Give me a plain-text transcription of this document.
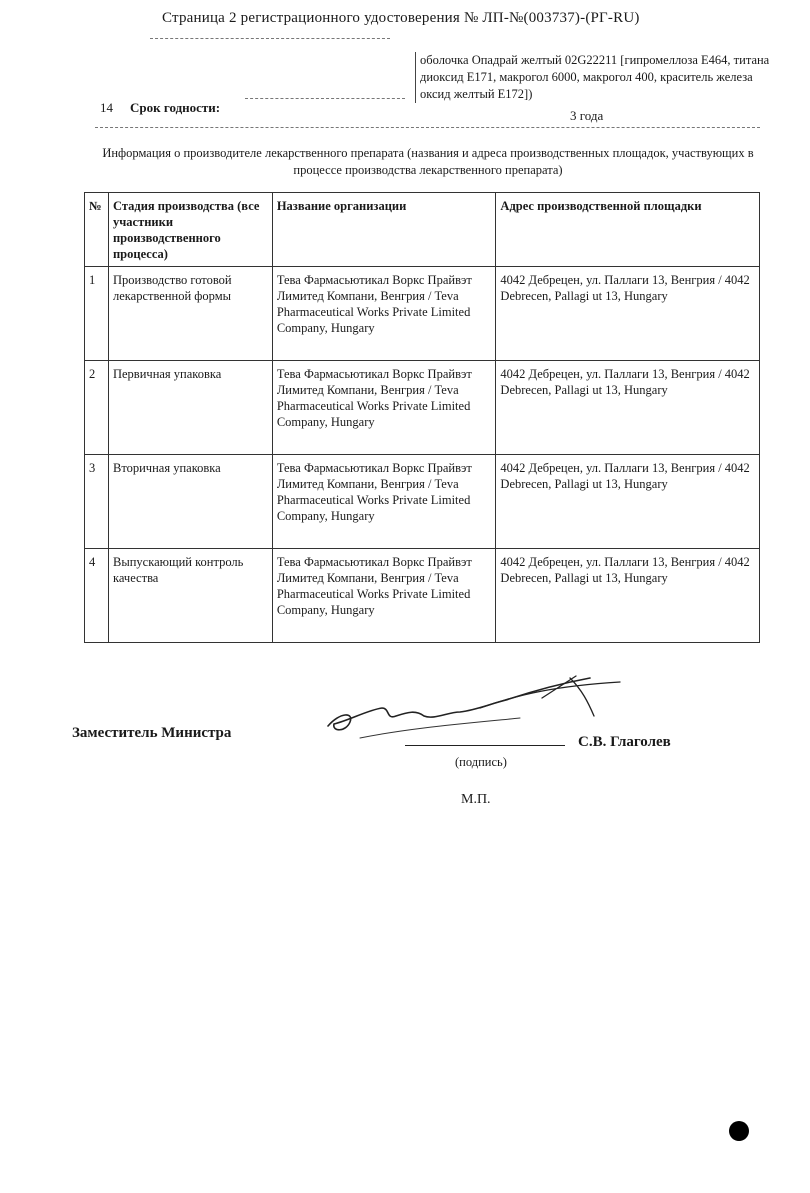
Страница 2 регистрационного удостоверения № ЛП-№(003737)-(РГ-RU)
оболочка Опадрай желтый 02G22211 [гипромеллоза Е464, титана диоксид Е171, макрогол 6000, макрогол 400, краситель железа оксид желтый Е172])
14 Срок годности:
3 года
Информация о производителе лекарственного препарата (названия и адреса производственных площадок, участвующих в процессе производства лекарственного препарата)
№	Стадия производства (все участники производственного процесса)	Название организации	Адрес производственной площадки
1	Производство готовой лекарственной формы	Тева Фармасьютикал Воркс Прайвэт Лимитед Компани, Венгрия / Teva Pharmaceutical Works Private Limited Company, Hungary	4042 Дебрецен, ул. Паллаги 13, Венгрия / 4042 Debrecen, Pallagi ut 13, Hungary
2	Первичная упаковка	Тева Фармасьютикал Воркс Прайвэт Лимитед Компани, Венгрия / Teva Pharmaceutical Works Private Limited Company, Hungary	4042 Дебрецен, ул. Паллаги 13, Венгрия / 4042 Debrecen, Pallagi ut 13, Hungary
3	Вторичная упаковка	Тева Фармасьютикал Воркс Прайвэт Лимитед Компани, Венгрия / Teva Pharmaceutical Works Private Limited Company, Hungary	4042 Дебрецен, ул. Паллаги 13, Венгрия / 4042 Debrecen, Pallagi ut 13, Hungary
4	Выпускающий контроль качества	Тева Фармасьютикал Воркс Прайвэт Лимитед Компани, Венгрия / Teva Pharmaceutical Works Private Limited Company, Hungary	4042 Дебрецен, ул. Паллаги 13, Венгрия / 4042 Debrecen, Pallagi ut 13, Hungary
Заместитель Министра
С.В. Глаголев
(подпись)
М.П.
